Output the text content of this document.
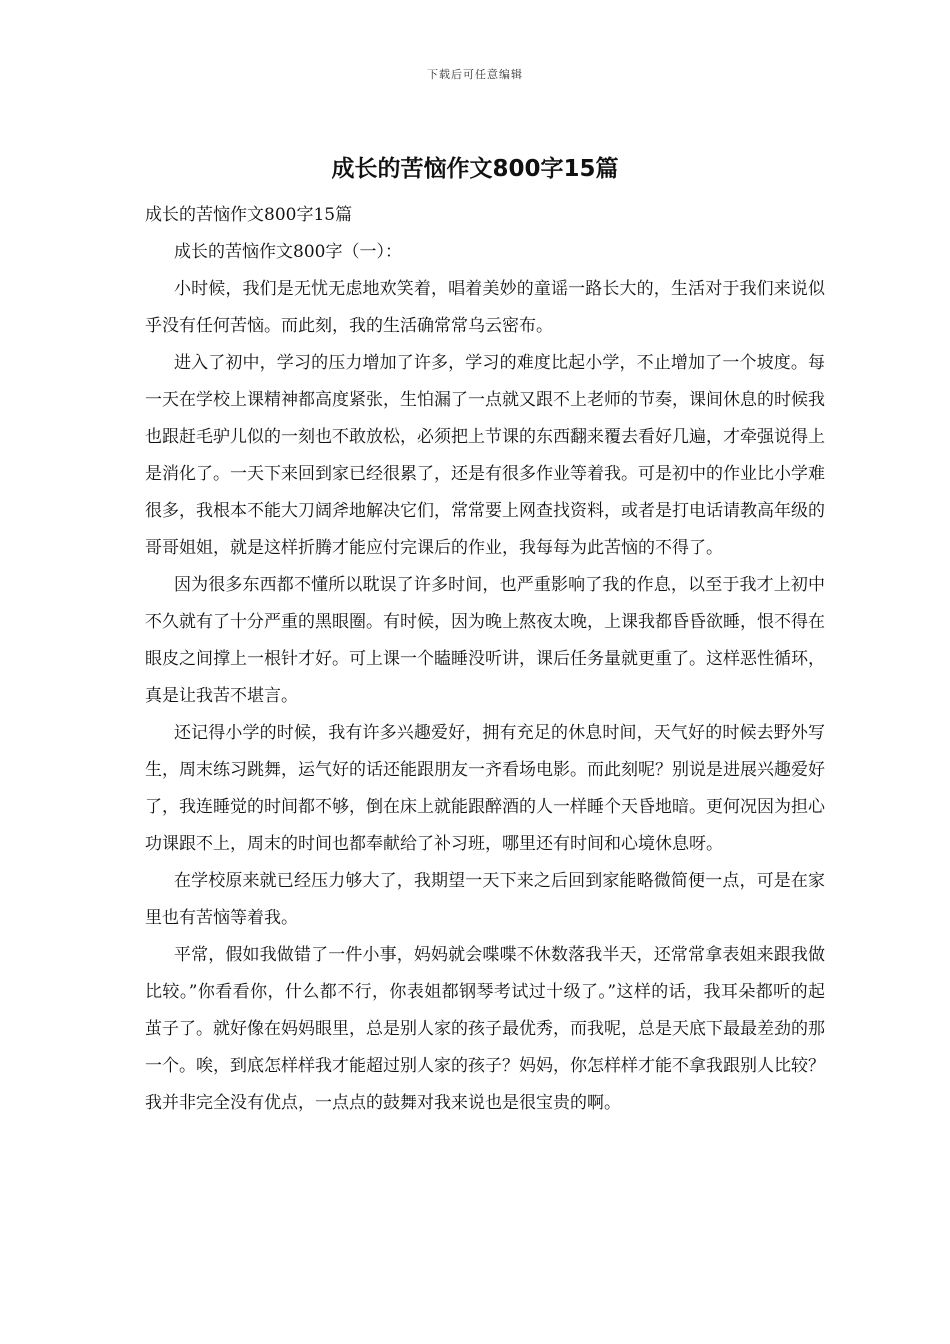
下载后可任意编辑
成长的苦恼作文800字15篇

成长的苦恼作文800字15篇

成长的苦恼作文800字（一）：

小时候，我们是无忧无虑地欢笑着，唱着美妙的童谣一路长大的，生活对于我们来说似乎没有任何苦恼。而此刻，我的生活确常常乌云密布。

进入了初中，学习的压力增加了许多，学习的难度比起小学，不止增加了一个坡度。每一天在学校上课精神都高度紧张，生怕漏了一点就又跟不上老师的节奏，课间休息的时候我也跟赶毛驴儿似的一刻也不敢放松，必须把上节课的东西翻来覆去看好几遍，才牵强说得上是消化了。一天下来回到家已经很累了，还是有很多作业等着我。可是初中的作业比小学难很多，我根本不能大刀阔斧地解决它们，常常要上网查找资料，或者是打电话请教高年级的哥哥姐姐，就是这样折腾才能应付完课后的作业，我每每为此苦恼的不得了。

因为很多东西都不懂所以耽误了许多时间，也严重影响了我的作息，以至于我才上初中不久就有了十分严重的黑眼圈。有时候，因为晚上熬夜太晚，上课我都昏昏欲睡，恨不得在眼皮之间撑上一根针才好。可上课一个瞌睡没听讲，课后任务量就更重了。这样恶性循环，真是让我苦不堪言。

还记得小学的时候，我有许多兴趣爱好，拥有充足的休息时间，天气好的时候去野外写生，周末练习跳舞，运气好的话还能跟朋友一齐看场电影。而此刻呢？别说是进展兴趣爱好了，我连睡觉的时间都不够，倒在床上就能跟醉酒的人一样睡个天昏地暗。更何况因为担心功课跟不上，周末的时间也都奉献给了补习班，哪里还有时间和心境休息呀。

在学校原来就已经压力够大了，我期望一天下来之后回到家能略微简便一点，可是在家里也有苦恼等着我。

平常，假如我做错了一件小事，妈妈就会喋喋不休数落我半天，还常常拿表姐来跟我做比较。”你看看你，什么都不行，你表姐都钢琴考试过十级了。”这样的话，我耳朵都听的起茧子了。就好像在妈妈眼里，总是别人家的孩子最优秀，而我呢，总是天底下最最差劲的那一个。唉，到底怎样样我才能超过别人家的孩子？妈妈，你怎样样才能不拿我跟别人比较？我并非完全没有优点，一点点的鼓舞对我来说也是很宝贵的啊。
